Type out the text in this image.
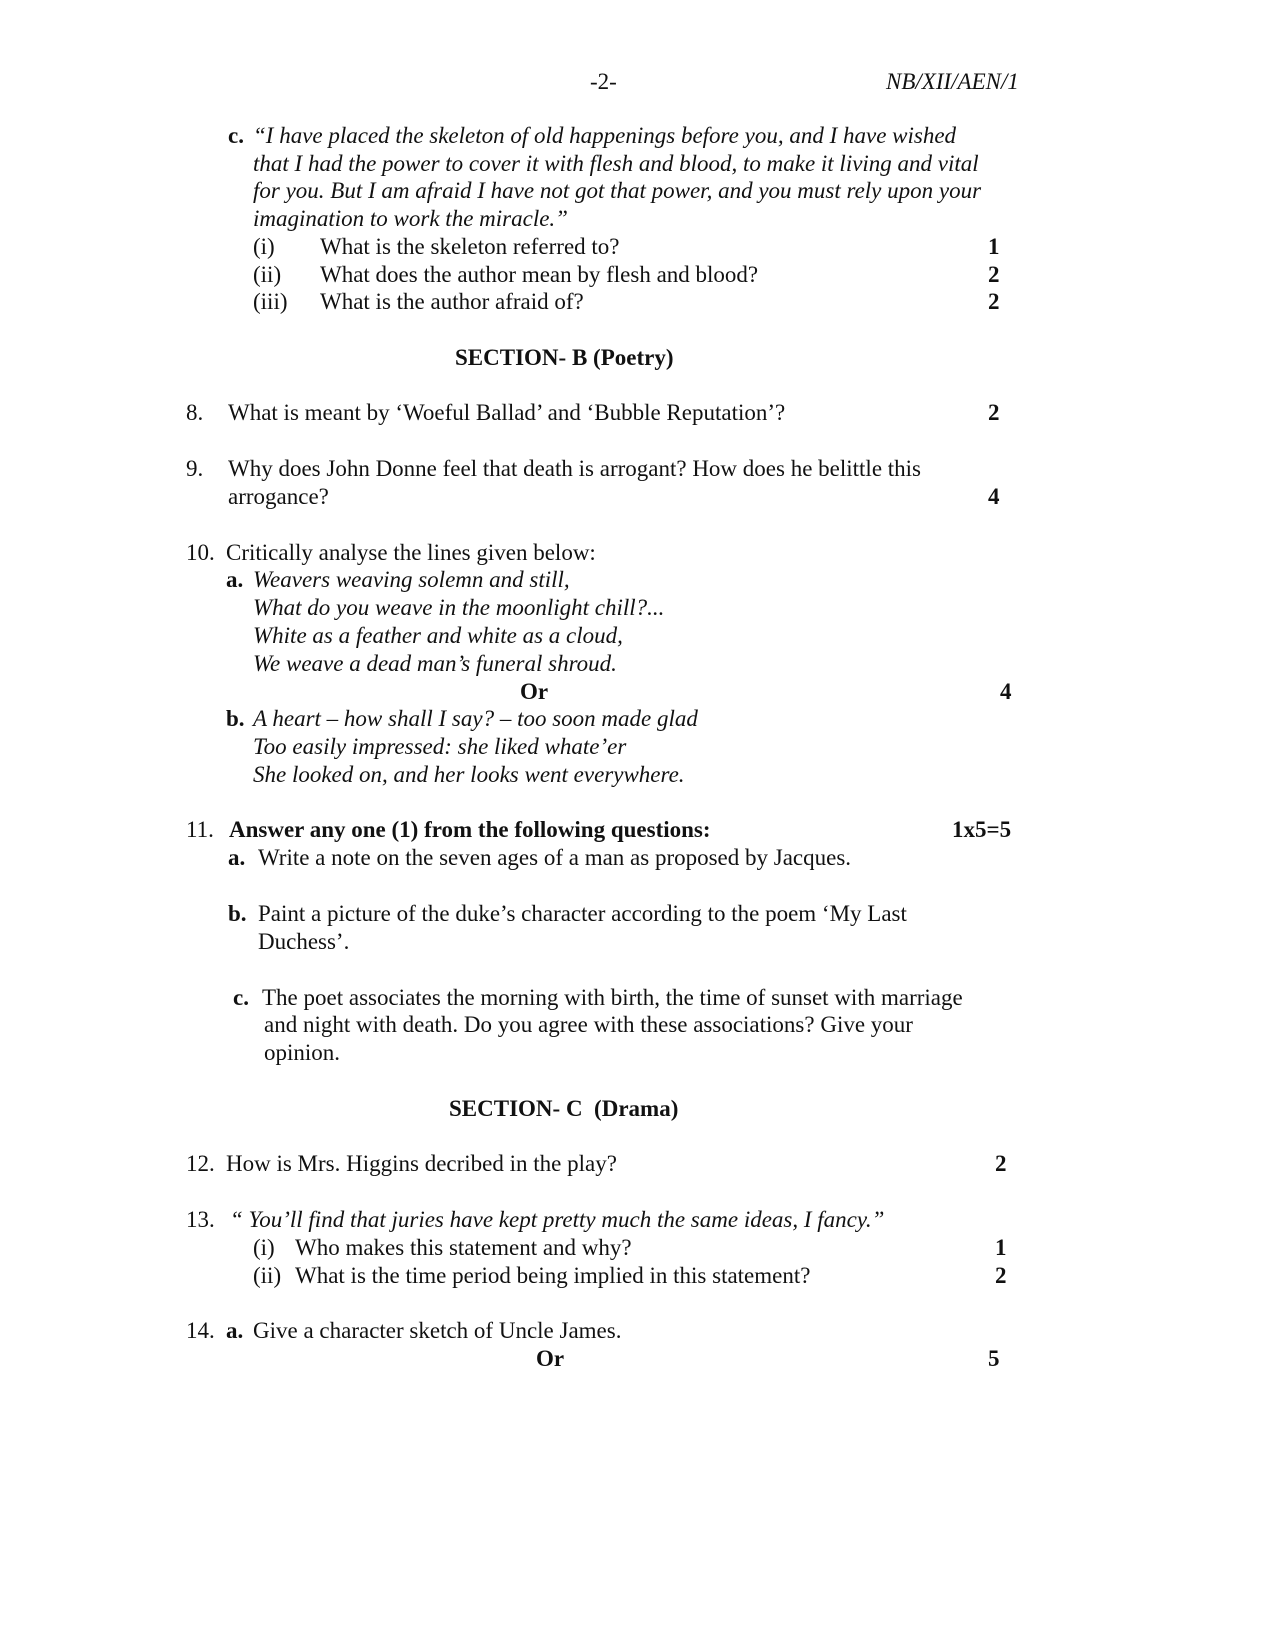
-2-	NB/XII/AEN/1
c. “I have placed the skeleton of old happenings before you, and I have wished
that I had the power to cover it with flesh and blood, to make it living and vital
for you. But I am afraid I have not got that power, and you must rely upon your
imagination to work the miracle.”
(i) What is the skeleton referred to?	1
(ii) What does the author mean by flesh and blood?	2
(iii) What is the author afraid of?	2
SECTION- B (Poetry)
8. What is meant by ‘Woeful Ballad’ and ‘Bubble Reputation’?	2
9. Why does John Donne feel that death is arrogant? How does he belittle this
arrogance?	4
10. Critically analyse the lines given below:
a. Weavers weaving solemn and still,
What do you weave in the moonlight chill?...
White as a feather and white as a cloud,
We weave a dead man’s funeral shroud.
Or	4
b. A heart – how shall I say? – too soon made glad
Too easily impressed: she liked whate’er
She looked on, and her looks went everywhere.
11. Answer any one (1) from the following questions:	1x5=5
a. Write a note on the seven ages of a man as proposed by Jacques.
b. Paint a picture of the duke’s character according to the poem ‘My Last
Duchess’.
c. The poet associates the morning with birth, the time of sunset with marriage
and night with death. Do you agree with these associations? Give your
opinion.
SECTION- C  (Drama)
12. How is Mrs. Higgins decribed in the play?	2
13. “ You’ll find that juries have kept pretty much the same ideas, I fancy.”
(i) Who makes this statement and why?	1
(ii) What is the time period being implied in this statement?	2
14. a. Give a character sketch of Uncle James.
Or	5
